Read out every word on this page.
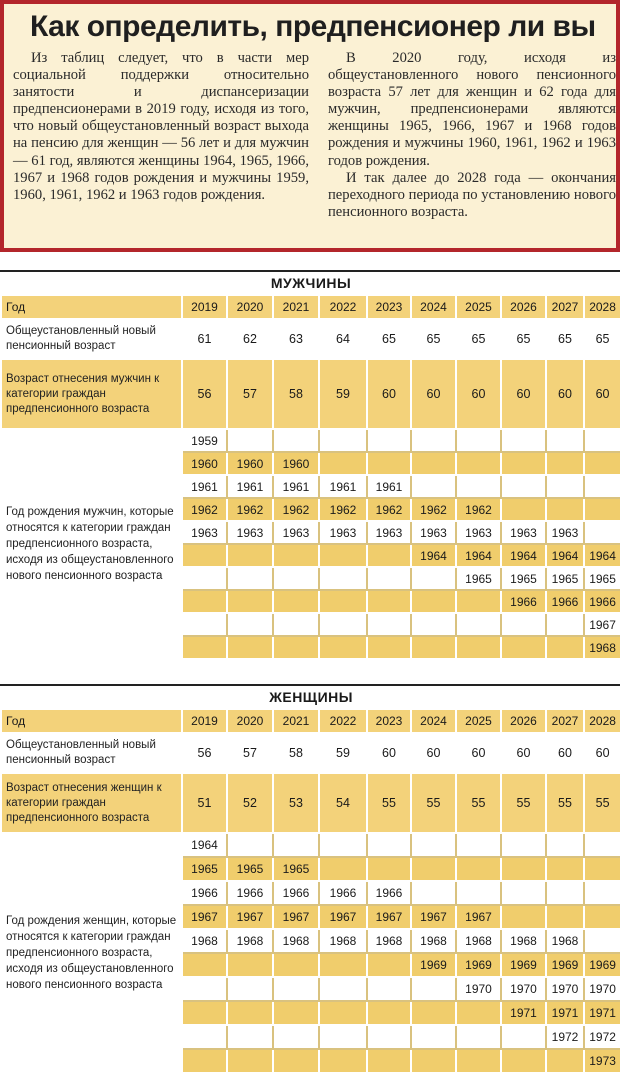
Как определить, предпенсионер ли вы

Из таблиц следует, что в части мер социальной поддержки относительно занятости и диспансеризации предпенсионерами в 2019 году, исходя из того, что новый общеустановленный возраст выхода на пенсию для женщин — 56 лет и для мужчин — 61 год, являются женщины 1964, 1965, 1966, 1967 и 1968 годов рождения и мужчины 1959, 1960, 1961, 1962 и 1963 годов рождения.

В 2020 году, исходя из общеустановленного нового пенсионного возраста 57 лет для женщин и 62 года для мужчин, предпенсионерами являются женщины 1965, 1966, 1967 и 1968 годов рождения и мужчины 1960, 1961, 1962 и 1963 годов рождения.

И так далее до 2028 года — окончания переходного периода по установлению нового пенсионного возраста.

МУЖЧИНЫ										
Год	2019	2020	2021	2022	2023	2024	2025	2026	2027	2028
Общеустановленный новый пенсионный возраст	61	62	63	64	65	65	65	65	65	65
Возраст отнесения мужчин к категории граждан предпенсионного возраста	56	57	58	59	60	60	60	60	60	60
Год рождения мужчин, которые относятся к категории граждан предпенсионного возраста, исходя из общеустановленного нового пенсионного возраста	1959									
	1960	1960	1960							
	1961	1961	1961	1961	1961					
	1962	1962	1962	1962	1962	1962	1962			
	1963	1963	1963	1963	1963	1963	1963	1963	1963	
						1964	1964	1964	1964	1964
							1965	1965	1965	1965
								1966	1966	1966
										1967
										1968
ЖЕНЩИНЫ										
Год	2019	2020	2021	2022	2023	2024	2025	2026	2027	2028
Общеустановленный новый пенсионный возраст	56	57	58	59	60	60	60	60	60	60
Возраст отнесения женщин к категории граждан предпенсионного возраста	51	52	53	54	55	55	55	55	55	55
Год рождения женщин, которые относятся к категории граждан предпенсионного возраста, исходя из общеустановленного нового пенсионного возраста	1964									
	1965	1965	1965							
	1966	1966	1966	1966	1966					
	1967	1967	1967	1967	1967	1967	1967			
	1968	1968	1968	1968	1968	1968	1968	1968	1968	
						1969	1969	1969	1969	1969
							1970	1970	1970	1970
								1971	1971	1971
									1972	1972
										1973
